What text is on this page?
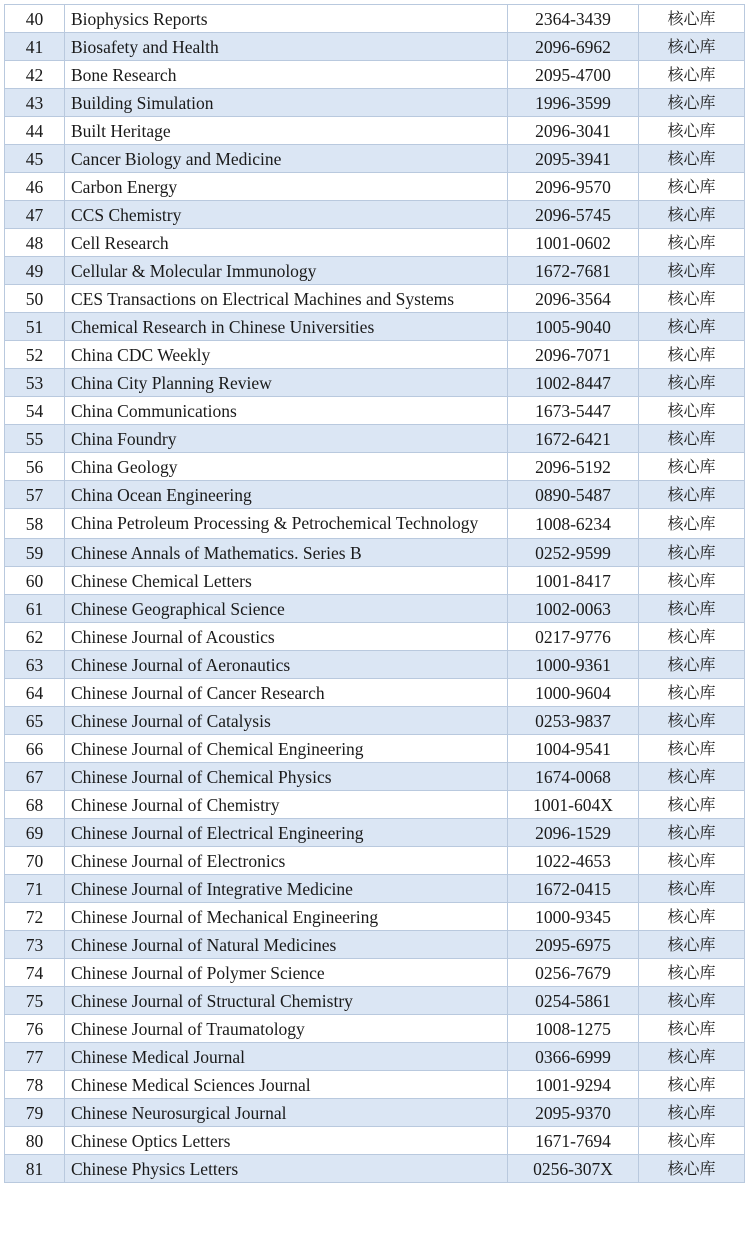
40	Biophysics Reports	2364-3439	核心库
41	Biosafety and Health	2096-6962	核心库
42	Bone Research	2095-4700	核心库
43	Building Simulation	1996-3599	核心库
44	Built Heritage	2096-3041	核心库
45	Cancer Biology and Medicine	2095-3941	核心库
46	Carbon Energy	2096-9570	核心库
47	CCS Chemistry	2096-5745	核心库
48	Cell Research	1001-0602	核心库
49	Cellular & Molecular Immunology	1672-7681	核心库
50	CES Transactions on Electrical Machines and Systems	2096-3564	核心库
51	Chemical Research in Chinese Universities	1005-9040	核心库
52	China CDC Weekly	2096-7071	核心库
53	China City Planning Review	1002-8447	核心库
54	China Communications	1673-5447	核心库
55	China Foundry	1672-6421	核心库
56	China Geology	2096-5192	核心库
57	China Ocean Engineering	0890-5487	核心库
58	China Petroleum Processing & Petrochemical Technology	1008-6234	核心库
59	Chinese Annals of Mathematics. Series B	0252-9599	核心库
60	Chinese Chemical Letters	1001-8417	核心库
61	Chinese Geographical Science	1002-0063	核心库
62	Chinese Journal of Acoustics	0217-9776	核心库
63	Chinese Journal of Aeronautics	1000-9361	核心库
64	Chinese Journal of Cancer Research	1000-9604	核心库
65	Chinese Journal of Catalysis	0253-9837	核心库
66	Chinese Journal of Chemical Engineering	1004-9541	核心库
67	Chinese Journal of Chemical Physics	1674-0068	核心库
68	Chinese Journal of Chemistry	1001-604X	核心库
69	Chinese Journal of Electrical Engineering	2096-1529	核心库
70	Chinese Journal of Electronics	1022-4653	核心库
71	Chinese Journal of Integrative Medicine	1672-0415	核心库
72	Chinese Journal of Mechanical Engineering	1000-9345	核心库
73	Chinese Journal of Natural Medicines	2095-6975	核心库
74	Chinese Journal of Polymer Science	0256-7679	核心库
75	Chinese Journal of Structural Chemistry	0254-5861	核心库
76	Chinese Journal of Traumatology	1008-1275	核心库
77	Chinese Medical Journal	0366-6999	核心库
78	Chinese Medical Sciences Journal	1001-9294	核心库
79	Chinese Neurosurgical Journal	2095-9370	核心库
80	Chinese Optics Letters	1671-7694	核心库
81	Chinese Physics Letters	0256-307X	核心库
